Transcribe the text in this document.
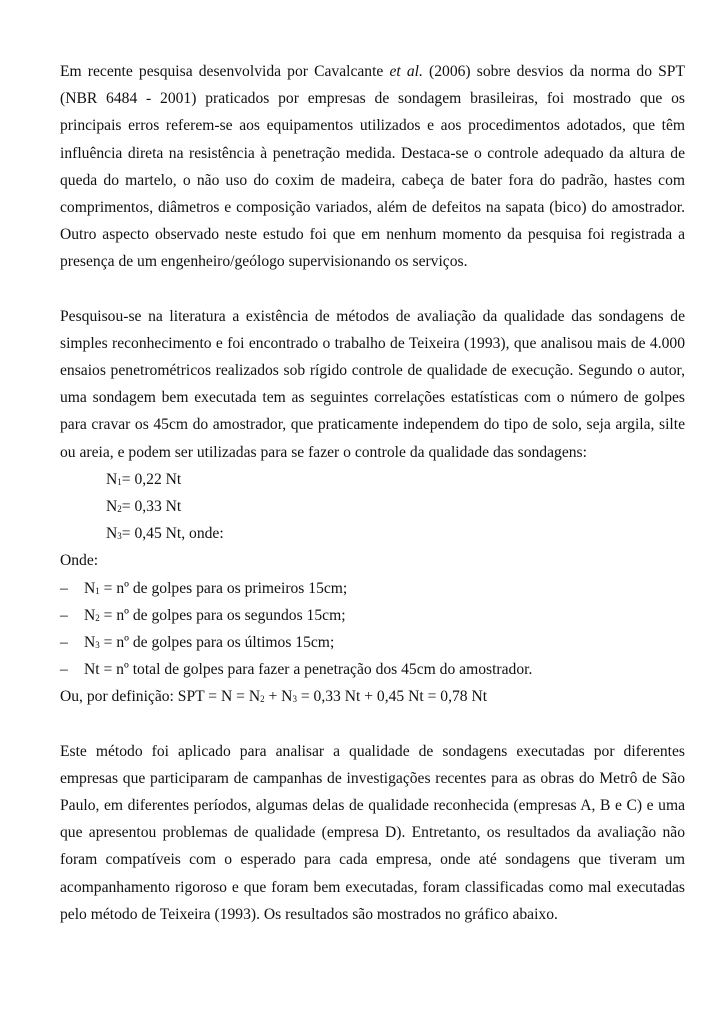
Em recente pesquisa desenvolvida por Cavalcante et al. (2006) sobre desvios da norma do SPT (NBR 6484 - 2001) praticados por empresas de sondagem brasileiras, foi mostrado que os principais erros referem-se aos equipamentos utilizados e aos procedimentos adotados, que têm influência direta na resistência à penetração medida. Destaca-se o controle adequado da altura de queda do martelo, o não uso do coxim de madeira, cabeça de bater fora do padrão, hastes com comprimentos, diâmetros e composição variados, além de defeitos na sapata (bico) do amostrador. Outro aspecto observado neste estudo foi que em nenhum momento da pesquisa foi registrada a presença de um engenheiro/geólogo supervisionando os serviços.

Pesquisou-se na literatura a existência de métodos de avaliação da qualidade das sondagens de simples reconhecimento e foi encontrado o trabalho de Teixeira (1993), que analisou mais de 4.000 ensaios penetrométricos realizados sob rígido controle de qualidade de execução. Segundo o autor, uma sondagem bem executada tem as seguintes correlações estatísticas com o número de golpes para cravar os 45cm do amostrador, que praticamente independem do tipo de solo, seja argila, silte ou areia, e podem ser utilizadas para se fazer o controle da qualidade das sondagens:

$N_1= 0,22$ Nt
$N_2= 0,33$ Nt
$N_3= 0,45$ Nt, onde:
Onde:
– $N_1$ = nº de golpes para os primeiros 15cm;
– $N_2$ = nº de golpes para os segundos 15cm;
– $N_3$ = nº de golpes para os últimos 15cm;
– Nt = nº total de golpes para fazer a penetração dos 45cm do amostrador.
Ou, por definição: SPT = $N = N_2 + N_3 = 0,33$ Nt + 0,45 Nt = 0,78 Nt

Este método foi aplicado para analisar a qualidade de sondagens executadas por diferentes empresas que participaram de campanhas de investigações recentes para as obras do Metrô de São Paulo, em diferentes períodos, algumas delas de qualidade reconhecida (empresas A, B e C) e uma que apresentou problemas de qualidade (empresa D). Entretanto, os resultados da avaliação não foram compatíveis com o esperado para cada empresa, onde até sondagens que tiveram um acompanhamento rigoroso e que foram bem executadas, foram classificadas como mal executadas pelo método de Teixeira (1993). Os resultados são mostrados no gráfico abaixo.
